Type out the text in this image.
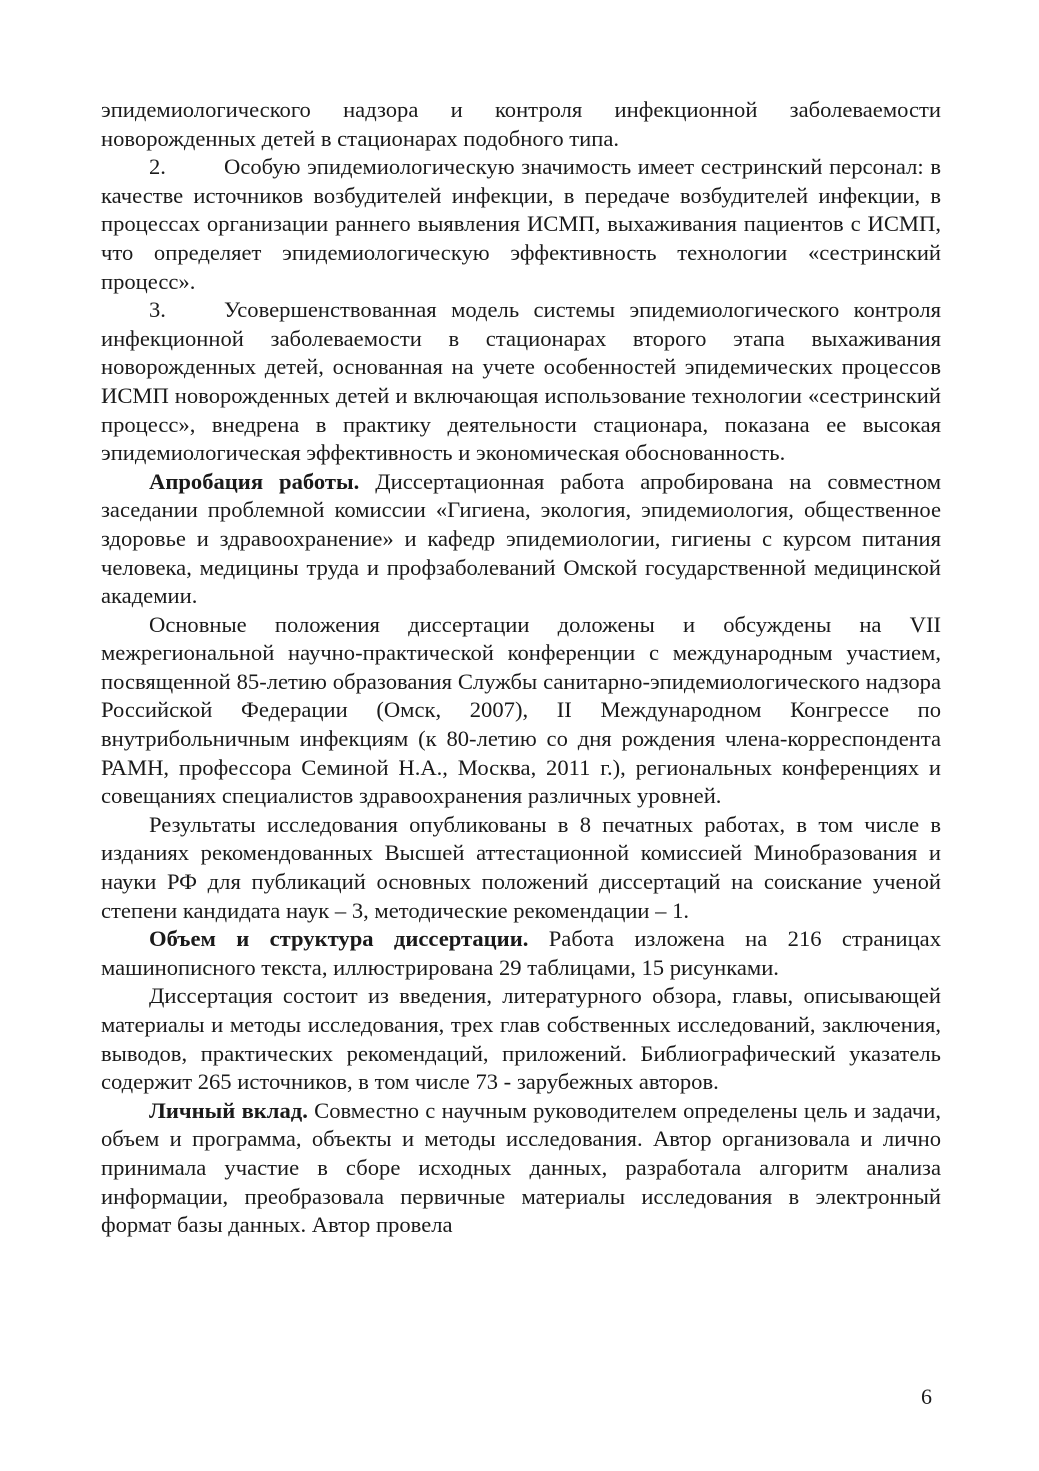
эпидемиологического надзора и контроля инфекционной заболеваемости новорожденных детей в стационарах подобного типа.

2.	Особую эпидемиологическую значимость имеет сестринский персонал: в качестве источников возбудителей инфекции, в передаче возбудителей инфекции, в процессах организации раннего выявления ИСМП, выхаживания пациентов с ИСМП, что определяет эпидемиологическую эффективность технологии «сестринский процесс».

3.	Усовершенствованная модель системы эпидемиологического контроля инфекционной заболеваемости в стационарах второго этапа выхаживания новорожденных детей, основанная на учете особенностей эпидемических процессов ИСМП новорожденных детей и включающая использование технологии «сестринский процесс», внедрена в практику деятельности стационара, показана ее высокая эпидемиологическая эффективность и экономическая обоснованность.

Апробация работы. Диссертационная работа апробирована на совместном заседании проблемной комиссии «Гигиена, экология, эпидемиология, общественное здоровье и здравоохранение» и кафедр эпидемиологии, гигиены с курсом питания человека, медицины труда и профзаболеваний Омской государственной медицинской академии.

Основные положения диссертации доложены и обсуждены на VII межрегиональной научно-практической конференции с международным участием, посвященной 85-летию образования Службы санитарно-эпидемиологического надзора Российской Федерации (Омск, 2007), II Международном Конгрессе по внутрибольничным инфекциям (к 80-летию со дня рождения члена-корреспондента РАМН, профессора Семиной Н.А., Москва, 2011 г.), региональных конференциях и совещаниях специалистов здравоохранения различных уровней.

Результаты исследования опубликованы в 8 печатных работах, в том числе в изданиях рекомендованных Высшей аттестационной комиссией Минобразования и науки РФ для публикаций основных положений диссертаций на соискание ученой степени кандидата наук – 3, методические рекомендации – 1.

Объем и структура диссертации. Работа изложена на 216 страницах машинописного текста, иллюстрирована 29 таблицами, 15 рисунками.

Диссертация состоит из введения, литературного обзора, главы, описывающей материалы и методы исследования, трех глав собственных исследований, заключения, выводов, практических рекомендаций, приложений. Библиографический указатель содержит 265 источников, в том числе 73 - зарубежных авторов.

Личный вклад. Совместно с научным руководителем определены цель и задачи, объем и программа, объекты и методы исследования. Автор организовала и лично принимала участие в сборе исходных данных, разработала алгоритм анализа информации, преобразовала первичные материалы исследования в электронный формат базы данных. Автор провела

6
